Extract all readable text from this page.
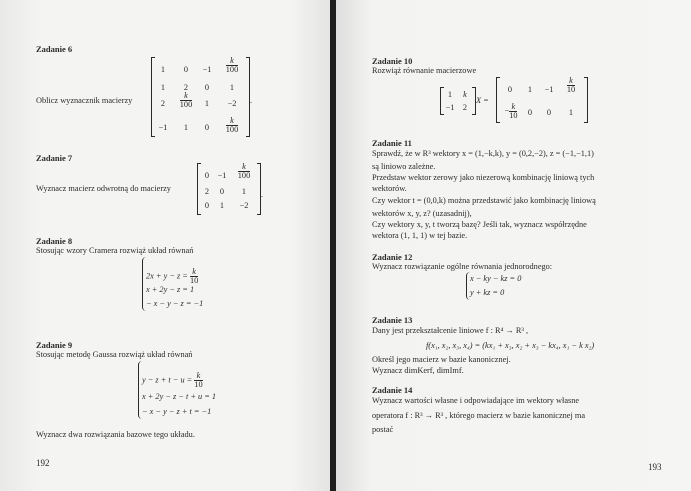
Zadanie 6
Oblicz wyznacznik macierzy
1	0	−1	$\frac{k}{100}$
1	2	0	1
2	$\frac{k}{100}$	1	−2
−1	1	0	$\frac{k}{100}$
.
Zadanie 7
Wyznacz macierz odwrotną do macierzy
0	−1	$\frac{k}{100}$
2	0	1
0	1	−2
.
Zadanie 8
Stosując wzory Cramera rozwiąż układ równań
$2x + y - z = \frac{k}{10}$
x + 2y − z = 1
− x − y − z = −1
Zadanie 9
Stosując metodę Gaussa rozwiąż układ równań
$y - z + t - u = \frac{k}{10}$
x + 2y − z − t + u = 1
− x − y − z + t = −1
Wyznacz dwa rozwiązania bazowe tego układu.
192
Zadanie 10
Rozwiąż równanie macierzowe
1	k
−1	2
X =
0	1	−1	$\frac{k}{10}$
− $\frac{k}{10}$	0	0	1
Zadanie 11
Sprawdź, że w R³ wektory x = (1,−k,k), y = (0,2,−2), z = (−1,−1,1)
są liniowo zależne.
Przedstaw wektor zerowy jako niezerową kombinację liniową tych
wektorów.
Czy wektor t = (0,0,k) można przedstawić jako kombinację liniową
wektorów x, y, z? (uzasadnij),
Czy wektory x, y, t tworzą bazę? Jeśli tak, wyznacz współrzędne
wektora (1, 1, 1) w tej bazie.
Zadanie 12
Wyznacz rozwiązanie ogólne równania jednorodnego:
x − ky − kz = 0
y + kz = 0
Zadanie 13
Dany jest przekształcenie liniowe f : R⁴ → R³ ,
f(x₁, x₂, x₃, x₄) = (kx₁ + x₃, x₂ + x₃ − kx₄, x₁ − k x₂)
Określ jego macierz w bazie kanonicznej.
Wyznacz dimKerf, dimImf.
Zadanie 14
Wyznacz wartości własne i odpowiadające im wektory własne
operatora f : R³ → R³ , którego macierz w bazie kanonicznej ma
postać
193
